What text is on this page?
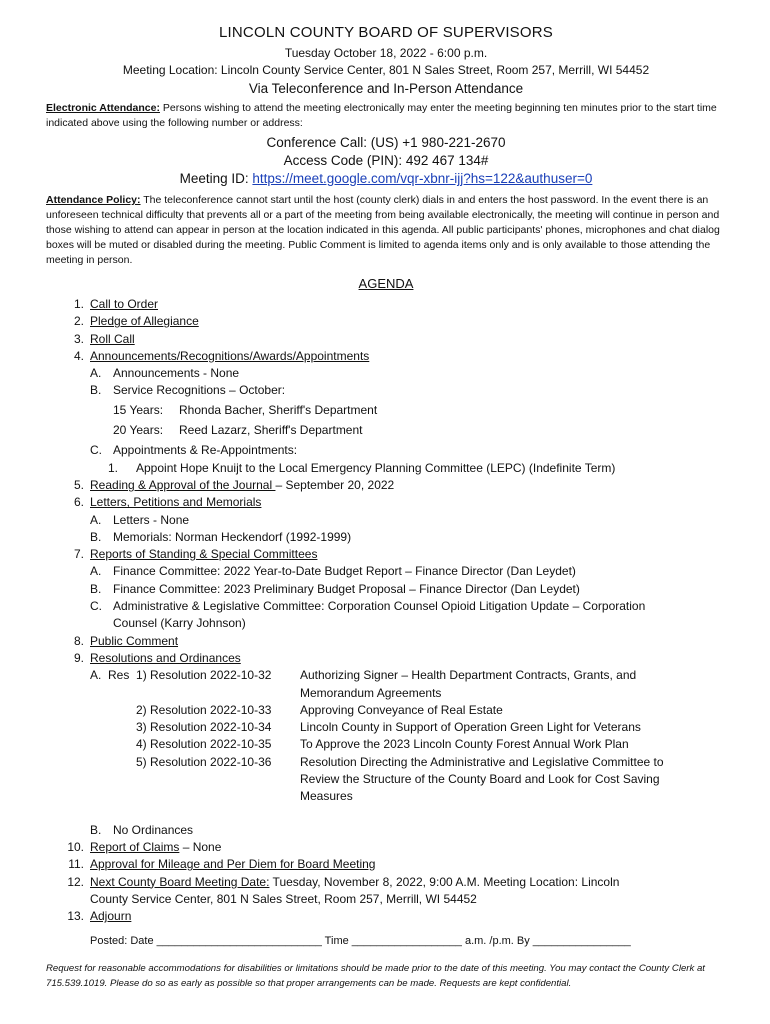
LINCOLN COUNTY BOARD OF SUPERVISORS
Tuesday October 18, 2022 - 6:00 p.m.
Meeting Location: Lincoln County Service Center, 801 N Sales Street, Room 257, Merrill, WI 54452
Via Teleconference and In-Person Attendance
Electronic Attendance: Persons wishing to attend the meeting electronically may enter the meeting beginning ten minutes prior to the start time indicated above using the following number or address:
Conference Call: (US) +1 980-221-2670
Access Code (PIN): 492 467 134#
Meeting ID: https://meet.google.com/vqr-xbnr-ijj?hs=122&authuser=0
Attendance Policy: The teleconference cannot start until the host (county clerk) dials in and enters the host password. In the event there is an unforeseen technical difficulty that prevents all or a part of the meeting from being available electronically, the meeting will continue in person and those wishing to attend can appear in person at the location indicated in this agenda. All public participants' phones, microphones and chat dialog boxes will be muted or disabled during the meeting. Public Comment is limited to agenda items only and is only available to those attending the meeting in person.
AGENDA
1. Call to Order
2. Pledge of Allegiance
3. Roll Call
4. Announcements/Recognitions/Awards/Appointments
A. Announcements - None
B. Service Recognitions – October:
15 Years: Rhonda Bacher, Sheriff's Department
20 Years: Reed Lazarz, Sheriff's Department
C. Appointments & Re-Appointments:
1. Appoint Hope Knuijt to the Local Emergency Planning Committee (LEPC) (Indefinite Term)
5. Reading & Approval of the Journal – September 20, 2022
6. Letters, Petitions and Memorials
A. Letters - None
B. Memorials: Norman Heckendorf (1992-1999)
7. Reports of Standing & Special Committees
A. Finance Committee: 2022 Year-to-Date Budget Report – Finance Director (Dan Leydet)
B. Finance Committee: 2023 Preliminary Budget Proposal – Finance Director (Dan Leydet)
C. Administrative & Legislative Committee: Corporation Counsel Opioid Litigation Update – Corporation
Counsel (Karry Johnson)
8. Public Comment
9. Resolutions and Ordinances
A.  Res  1) Resolution 2022-10-32 Authorizing Signer – Health Department Contracts, Grants, and
Memorandum Agreements
2) Resolution 2022-10-33 Approving Conveyance of Real Estate
3) Resolution 2022-10-34 Lincoln County in Support of Operation Green Light for Veterans
4) Resolution 2022-10-35 To Approve the 2023 Lincoln County Forest Annual Work Plan
5) Resolution 2022-10-36 Resolution Directing the Administrative and Legislative Committee to
Review the Structure of the County Board and Look for Cost Saving
Measures
B. No Ordinances
10. Report of Claims – None
11. Approval for Mileage and Per Diem for Board Meeting
12. Next County Board Meeting Date: Tuesday, November 8, 2022, 9:00 A.M. Meeting Location: Lincoln
County Service Center, 801 N Sales Street, Room 257, Merrill, WI 54452
13. Adjourn
Posted: Date ___________________________ Time __________________ a.m. /p.m. By ________________
Request for reasonable accommodations for disabilities or limitations should be made prior to the date of this meeting. You may contact the County Clerk at 715.539.1019. Please do so as early as possible so that proper arrangements can be made. Requests are kept confidential.
